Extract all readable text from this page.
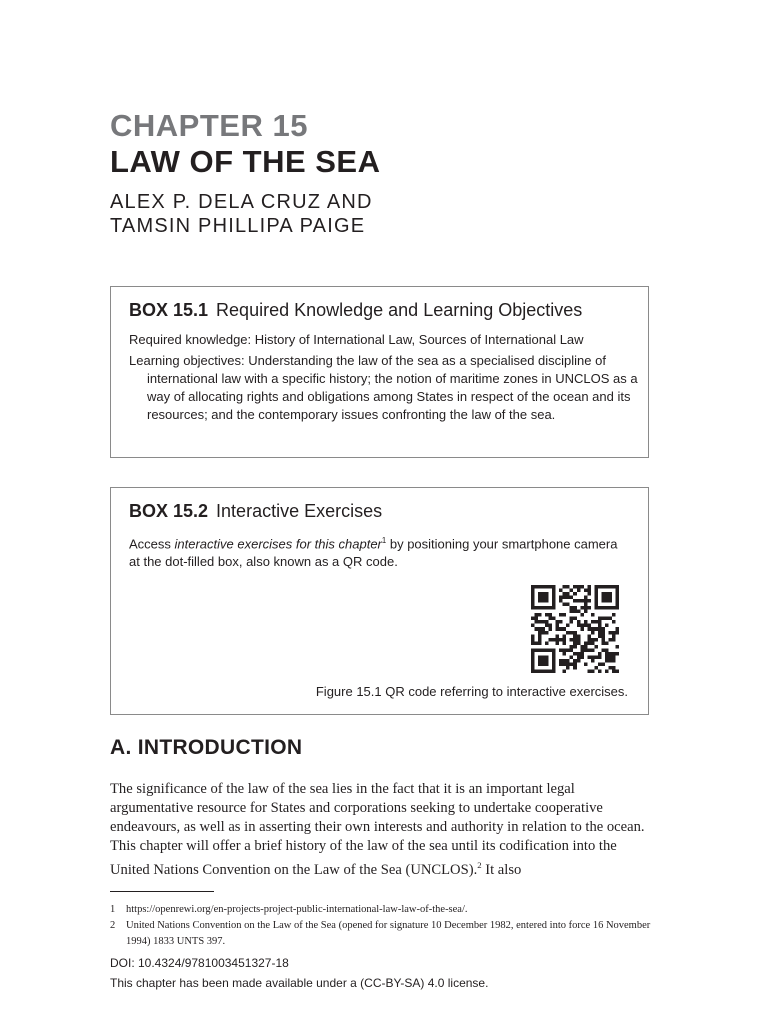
CHAPTER 15
LAW OF THE SEA
ALEX P. DELA CRUZ AND
TAMSIN PHILLIPA PAIGE
BOX 15.1 Required Knowledge and Learning Objectives
Required knowledge: History of International Law, Sources of International Law
Learning objectives: Understanding the law of the sea as a specialised discipline of international law with a specific history; the notion of maritime zones in UNCLOS as a way of allocating rights and obligations among States in respect of the ocean and its resources; and the contemporary issues confronting the law of the sea.
BOX 15.2 Interactive Exercises
Access interactive exercises for this chapter$^1$ by positioning your smartphone camera at the dot-filled box, also known as a QR code.
Figure 15.1 QR code referring to interactive exercises.
A. INTRODUCTION
The significance of the law of the sea lies in the fact that it is an important legal argumentative resource for States and corporations seeking to undertake cooperative endeavours, as well as in asserting their own interests and authority in relation to the ocean. This chapter will offer a brief history of the law of the sea until its codification into the United Nations Convention on the Law of the Sea (UNCLOS).$^2$ It also
1 https://openrewi.org/en-projects-project-public-international-law-law-of-the-sea/.
2 United Nations Convention on the Law of the Sea (opened for signature 10 December 1982, entered into force 16 November 1994) 1833 UNTS 397.
DOI: 10.4324/9781003451327-18
This chapter has been made available under a (CC-BY-SA) 4.0 license.
